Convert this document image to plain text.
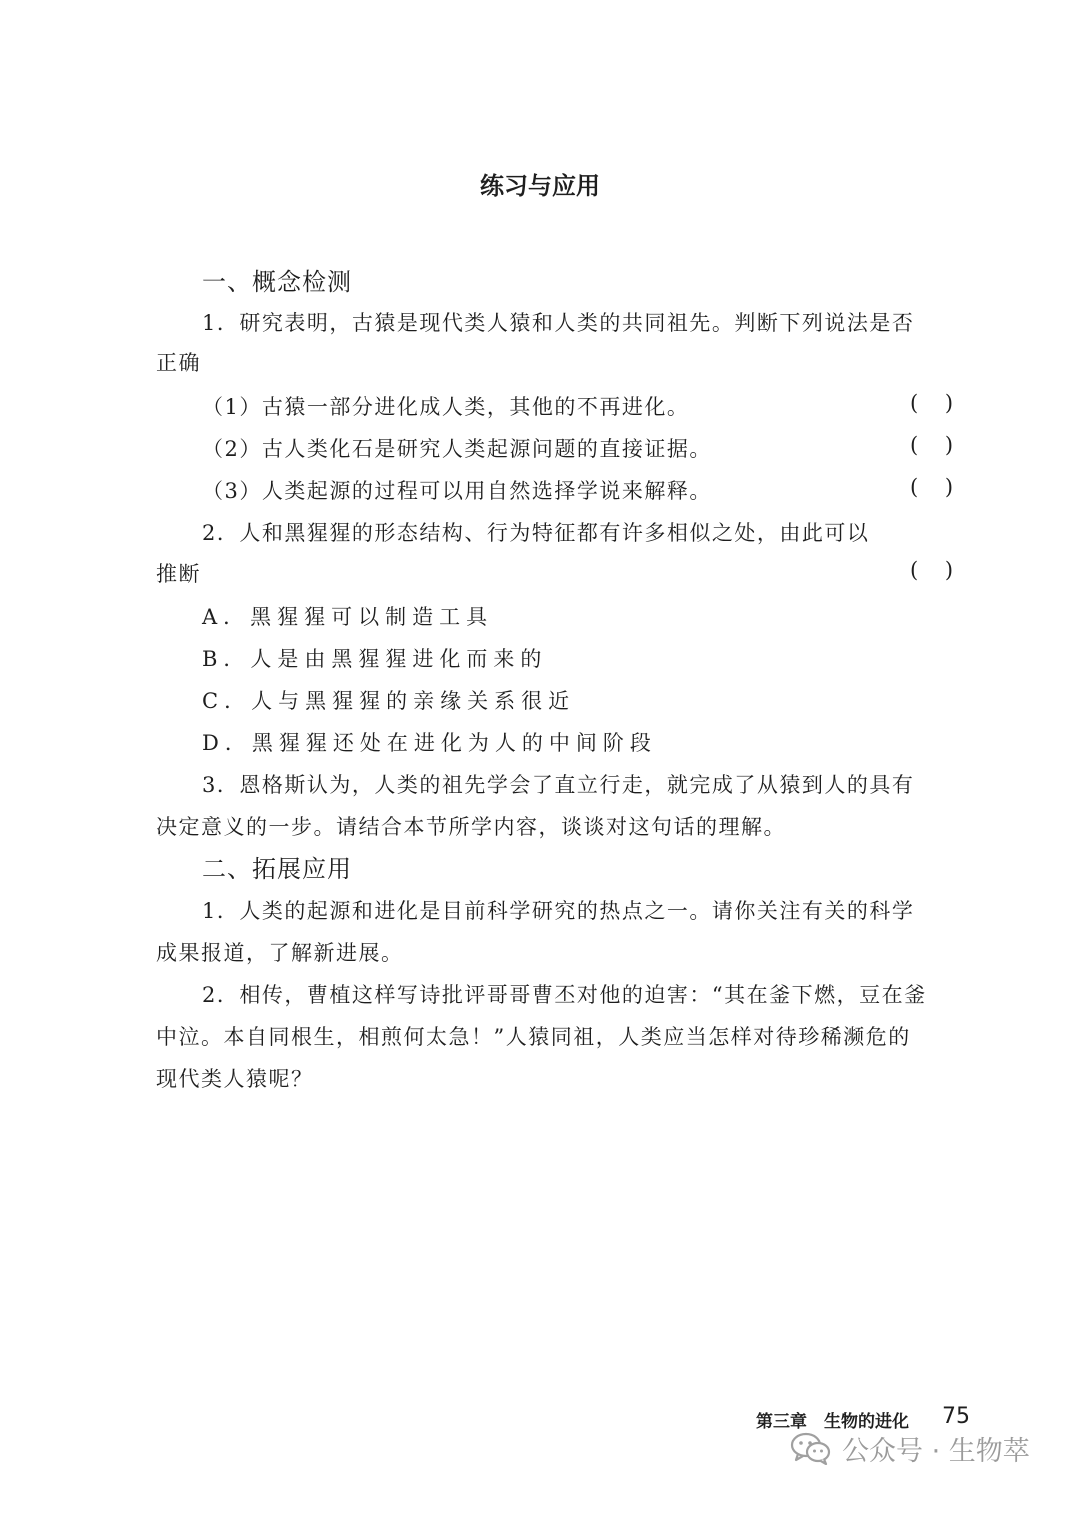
练习与应用
一、概念检测
1．研究表明，古猿是现代类人猿和人类的共同祖先。判断下列说法是否
正确
（1）古猿一部分进化成人类，其他的不再进化。	(    )
（2）古人类化石是研究人类起源问题的直接证据。	(    )
（3）人类起源的过程可以用自然选择学说来解释。	(    )
2．人和黑猩猩的形态结构、行为特征都有许多相似之处，由此可以
推断	(    )
A．黑猩猩可以制造工具
B．人是由黑猩猩进化而来的
C．人与黑猩猩的亲缘关系很近
D．黑猩猩还处在进化为人的中间阶段
3．恩格斯认为，人类的祖先学会了直立行走，就完成了从猿到人的具有
决定意义的一步。请结合本节所学内容，谈谈对这句话的理解。
二、拓展应用
1．人类的起源和进化是目前科学研究的热点之一。请你关注有关的科学
成果报道，了解新进展。
2．相传，曹植这样写诗批评哥哥曹丕对他的迫害：“其在釜下燃，豆在釜
中泣。本自同根生，相煎何太急！”人猿同祖，人类应当怎样对待珍稀濒危的
现代类人猿呢？
第三章　生物的进化 75
公众号 · 生物萃
